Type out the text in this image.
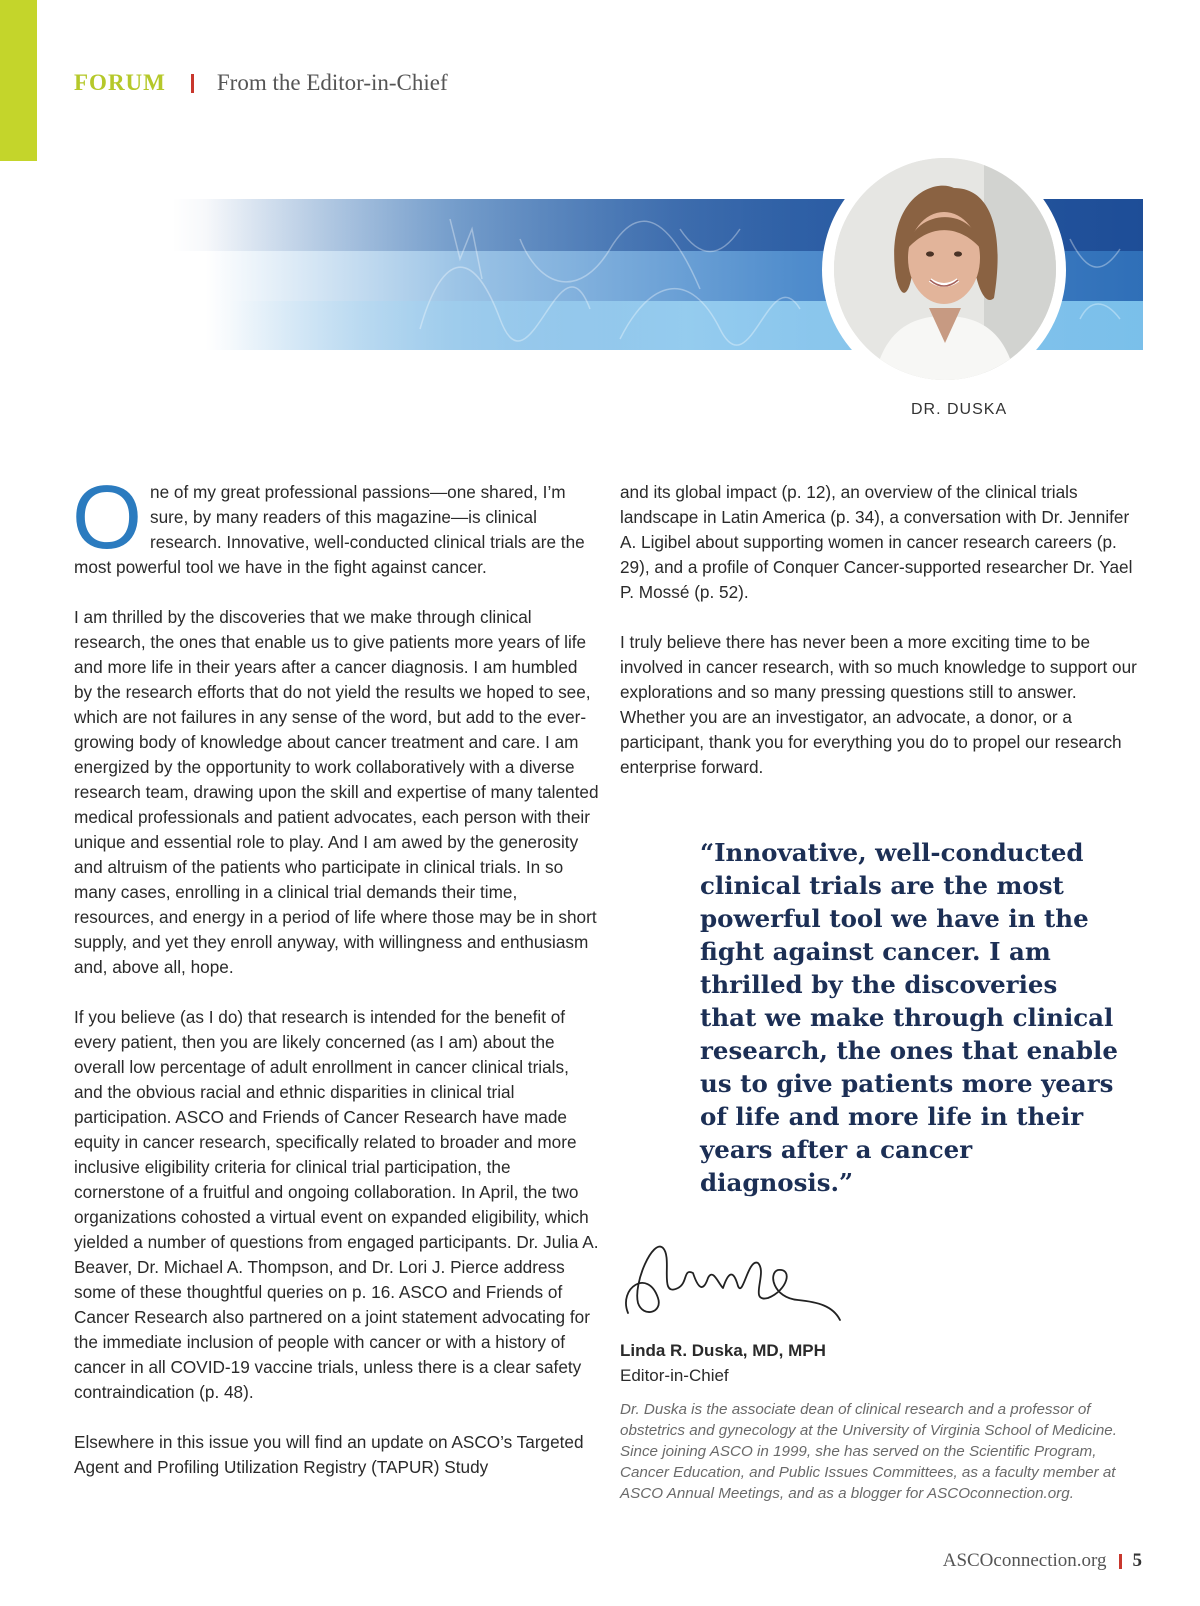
FORUM From the Editor-in-Chief
DR. DUSKA

One of my great professional passions—one shared, I’m sure, by many readers of this magazine—is clinical research. Innovative, well-conducted clinical trials are the most powerful tool we have in the fight against cancer.

I am thrilled by the discoveries that we make through clinical research, the ones that enable us to give patients more years of life and more life in their years after a cancer diagnosis. I am humbled by the research efforts that do not yield the results we hoped to see, which are not failures in any sense of the word, but add to the ever-growing body of knowledge about cancer treatment and care. I am energized by the opportunity to work collaboratively with a diverse research team, drawing upon the skill and expertise of many talented medical professionals and patient advocates, each person with their unique and essential role to play. And I am awed by the generosity and altruism of the patients who participate in clinical trials. In so many cases, enrolling in a clinical trial demands their time, resources, and energy in a period of life where those may be in short supply, and yet they enroll anyway, with willingness and enthusiasm and, above all, hope.

If you believe (as I do) that research is intended for the benefit of every patient, then you are likely concerned (as I am) about the overall low percentage of adult enrollment in cancer clinical trials, and the obvious racial and ethnic disparities in clinical trial participation. ASCO and Friends of Cancer Research have made equity in cancer research, specifically related to broader and more inclusive eligibility criteria for clinical trial participation, the cornerstone of a fruitful and ongoing collaboration. In April, the two organizations cohosted a virtual event on expanded eligibility, which yielded a number of questions from engaged participants. Dr. Julia A. Beaver, Dr. Michael A. Thompson, and Dr. Lori J. Pierce address some of these thoughtful queries on p. 16. ASCO and Friends of Cancer Research also partnered on a joint statement advocating for the immediate inclusion of people with cancer or with a history of cancer in all COVID-19 vaccine trials, unless there is a clear safety contraindication (p. 48).

Elsewhere in this issue you will find an update on ASCO’s Targeted Agent and Profiling Utilization Registry (TAPUR) Study

and its global impact (p. 12), an overview of the clinical trials landscape in Latin America (p. 34), a conversation with Dr. Jennifer A. Ligibel about supporting women in cancer research careers (p. 29), and a profile of Conquer Cancer-supported researcher Dr. Yael P. Mossé (p. 52).

I truly believe there has never been a more exciting time to be involved in cancer research, with so much knowledge to support our explorations and so many pressing questions still to answer. Whether you are an investigator, an advocate, a donor, or a participant, thank you for everything you do to propel our research enterprise forward.

“Innovative, well-conducted clinical trials are the most powerful tool we have in the fight against cancer. I am thrilled by the discoveries that we make through clinical research, the ones that enable us to give patients more years of life and more life in their years after a cancer diagnosis.”
Linda R. Duska, MD, MPH
Editor-in-Chief
Dr. Duska is the associate dean of clinical research and a professor of obstetrics and gynecology at the University of Virginia School of Medicine. Since joining ASCO in 1999, she has served on the Scientific Program, Cancer Education, and Public Issues Committees, as a faculty member at ASCO Annual Meetings, and as a blogger for ASCOconnection.org.
ASCOconnection.org 5
